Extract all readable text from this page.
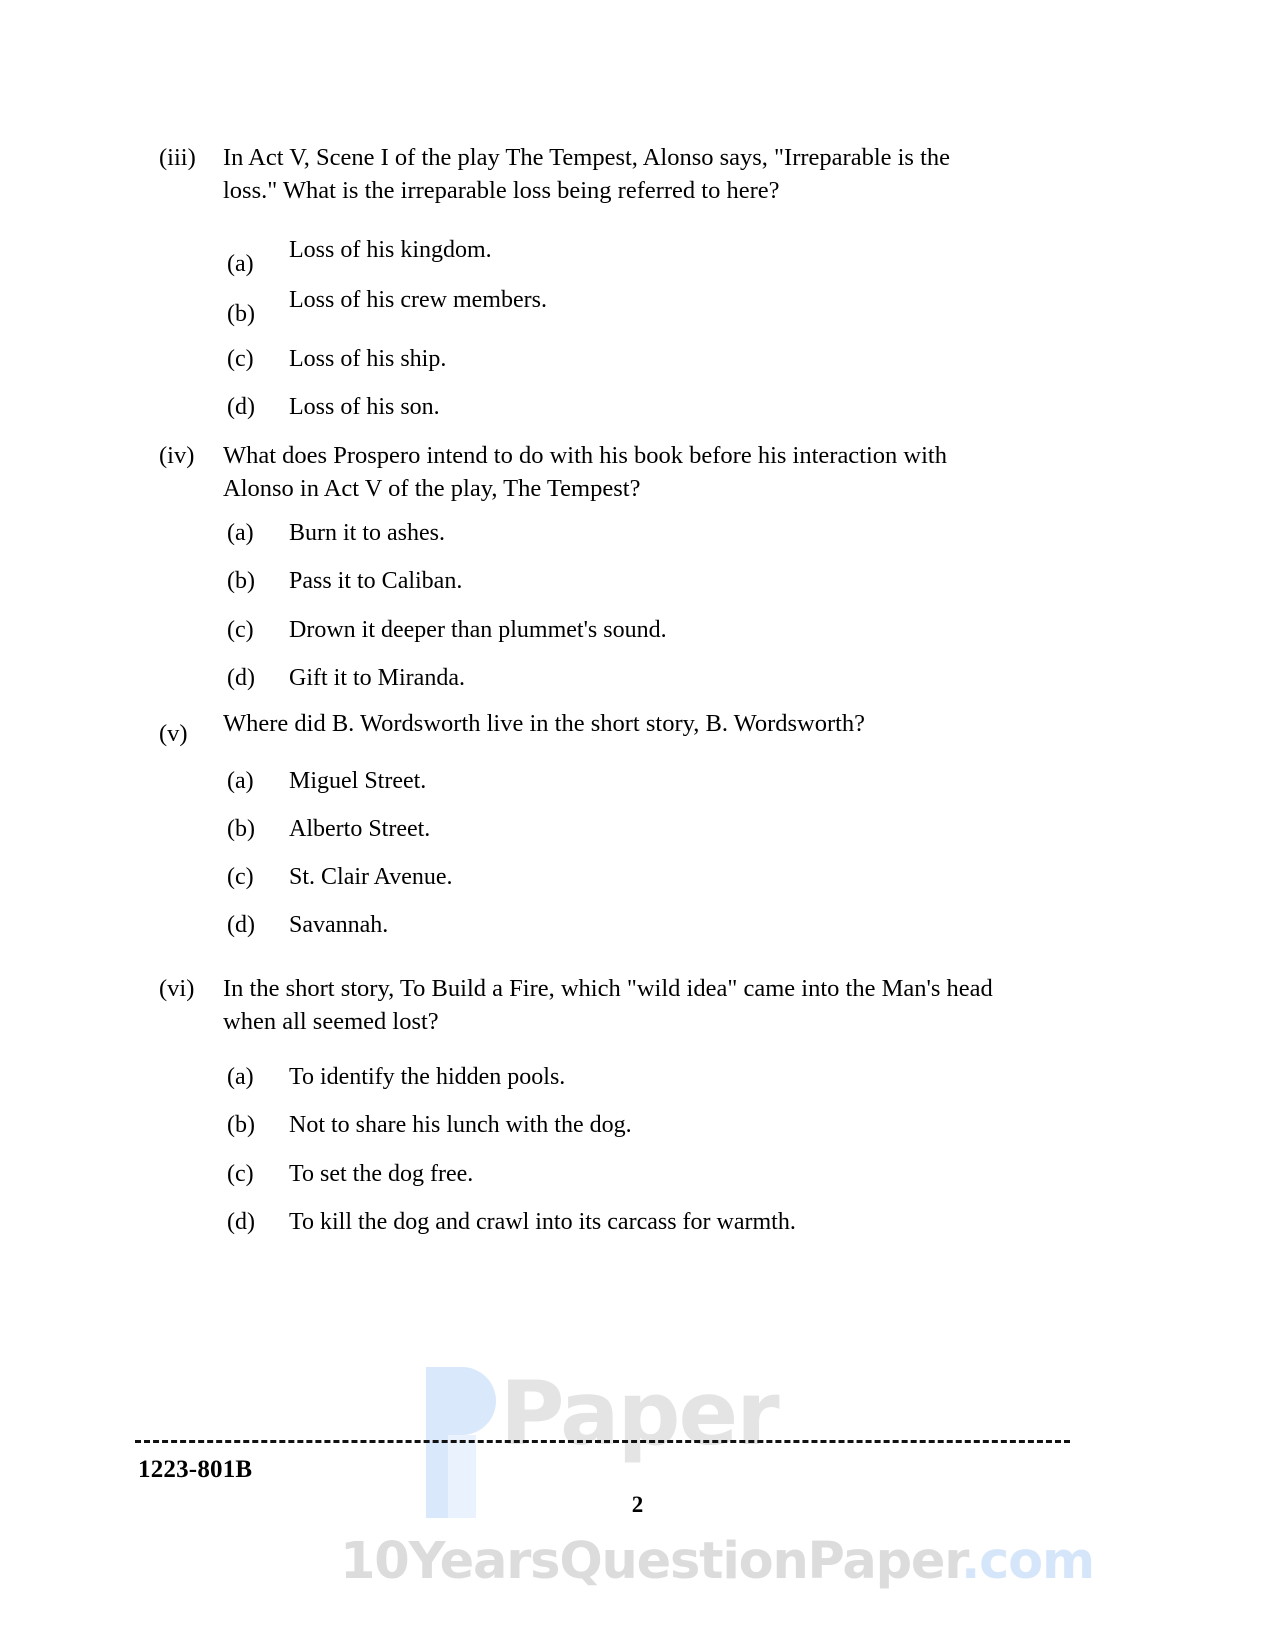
Paper
10YearsQuestionPaper.com
(iii)	In Act V, Scene I of the play The Tempest, Alonso says, "Irreparable is the loss." What is the irreparable loss being referred to here?
(a)
Loss of his kingdom.
(b)
Loss of his crew members.
(c)	Loss of his ship.
(d)	Loss of his son.
(iv)	What does Prospero intend to do with his book before his interaction with Alonso in Act V of the play, The Tempest?
(a)	Burn it to ashes.
(b)	Pass it to Caliban.
(c)	Drown it deeper than plummet's sound.
(d)	Gift it to Miranda.
(v)	Where did B. Wordsworth live in the short story, B. Wordsworth?
(a)	Miguel Street.
(b)	Alberto Street.
(c)	St. Clair Avenue.
(d)	Savannah.
(vi)	In the short story, To Build a Fire, which "wild idea" came into the Man's head when all seemed lost?
(a)	To identify the hidden pools.
(b)	Not to share his lunch with the dog.
(c)	To set the dog free.
(d)	To kill the dog and crawl into its carcass for warmth.
1223-801B
2
